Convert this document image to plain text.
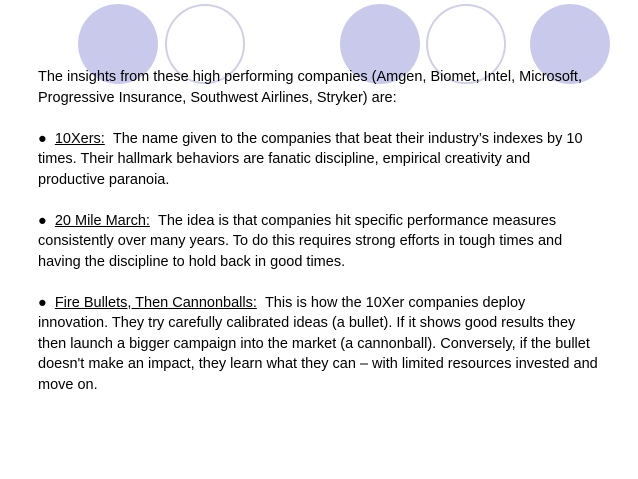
The insights from these high performing companies (Amgen, Biomet, Intel, Microsoft, Progressive Insurance, Southwest Airlines, Stryker) are:

● 10Xers: The name given to the companies that beat their industry’s indexes by 10 times. Their hallmark behaviors are fanatic discipline, empirical creativity and productive paranoia.

● 20 Mile March: The idea is that companies hit specific performance measures consistently over many years. To do this requires strong efforts in tough times and having the discipline to hold back in good times.

● Fire Bullets, Then Cannonballs: This is how the 10Xer companies deploy innovation. They try carefully calibrated ideas (a bullet). If it shows good results they then launch a bigger campaign into the market (a cannonball). Conversely, if the bullet doesn't make an impact, they learn what they can – with limited resources invested and move on.
